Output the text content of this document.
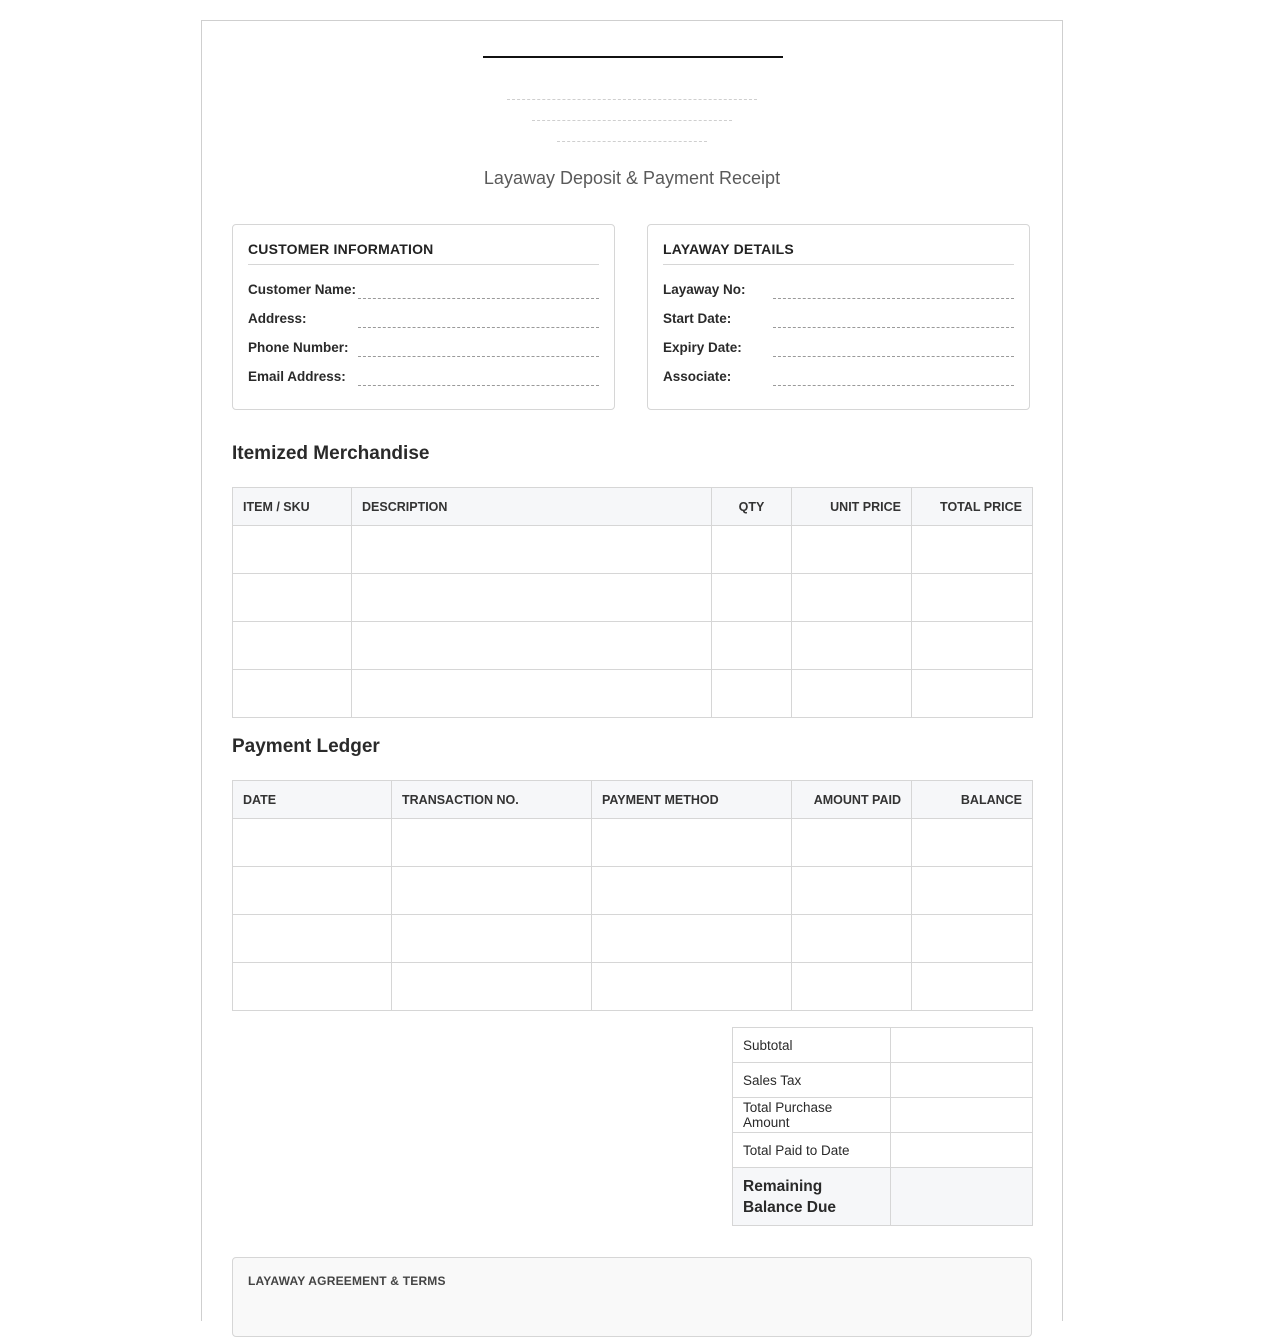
Layaway Deposit & Payment Receipt
CUSTOMER INFORMATION
Customer Name:
Address:
Phone Number:
Email Address:
LAYAWAY DETAILS
Layaway No:
Start Date:
Expiry Date:
Associate:
Itemized Merchandise
ITEM / SKU	DESCRIPTION	QTY	UNIT PRICE	TOTAL PRICE

Payment Ledger
DATE	TRANSACTION NO.	PAYMENT METHOD	AMOUNT PAID	BALANCE

Subtotal	
Sales Tax	
Total Purchase Amount	
Total Paid to Date	
Remaining Balance Due	
LAYAWAY AGREEMENT & TERMS
